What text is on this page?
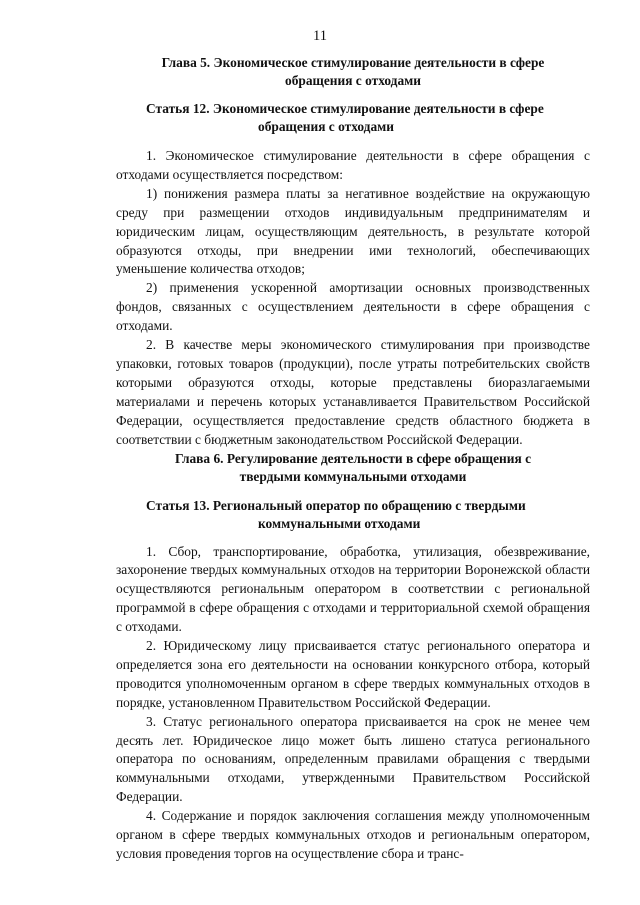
11
Глава 5. Экономическое стимулирование деятельности в сфере
обращения с отходами
Статья 12. Экономическое стимулирование деятельности в сфере
обращения с отходами

1. Экономическое стимулирование деятельности в сфере обращения с отходами осуществляется посредством:

1) понижения размера платы за негативное воздействие на окружающую среду при размещении отходов индивидуальным предпринимателям и юридическим лицам, осуществляющим деятельность, в результате которой образуются отходы, при внедрении ими технологий, обеспечивающих уменьшение количества отходов;

2) применения ускоренной амортизации основных производственных фондов, связанных с осуществлением деятельности в сфере обращения с отходами.

2. В качестве меры экономического стимулирования при производстве упаковки, готовых товаров (продукции), после утраты потребительских свойств которыми образуются отходы, которые представлены биоразлагаемыми материалами и перечень которых устанавливается Правительством Российской Федерации, осуществляется предоставление средств областного бюджета в соответствии с бюджетным законодательством Российской Федерации.

Глава 6. Регулирование деятельности в сфере обращения с
твердыми коммунальными отходами
Статья 13. Региональный оператор по обращению с твердыми
коммунальными отходами

1. Сбор, транспортирование, обработка, утилизация, обезвреживание, захоронение твердых коммунальных отходов на территории Воронежской области осуществляются региональным оператором в соответствии с региональной программой в сфере обращения с отходами и территориальной схемой обращения с отходами.

2. Юридическому лицу присваивается статус регионального оператора и определяется зона его деятельности на основании конкурсного отбора, который проводится уполномоченным органом в сфере твердых коммунальных отходов в порядке, установленном Правительством Российской Федерации.

3. Статус регионального оператора присваивается на срок не менее чем десять лет. Юридическое лицо может быть лишено статуса регионального оператора по основаниям, определенным правилами обращения с твердыми коммунальными отходами, утвержденными Правительством Российской Федерации.

4. Содержание и порядок заключения соглашения между уполномоченным органом в сфере твердых коммунальных отходов и региональным оператором, условия проведения торгов на осуществление сбора и транс-
